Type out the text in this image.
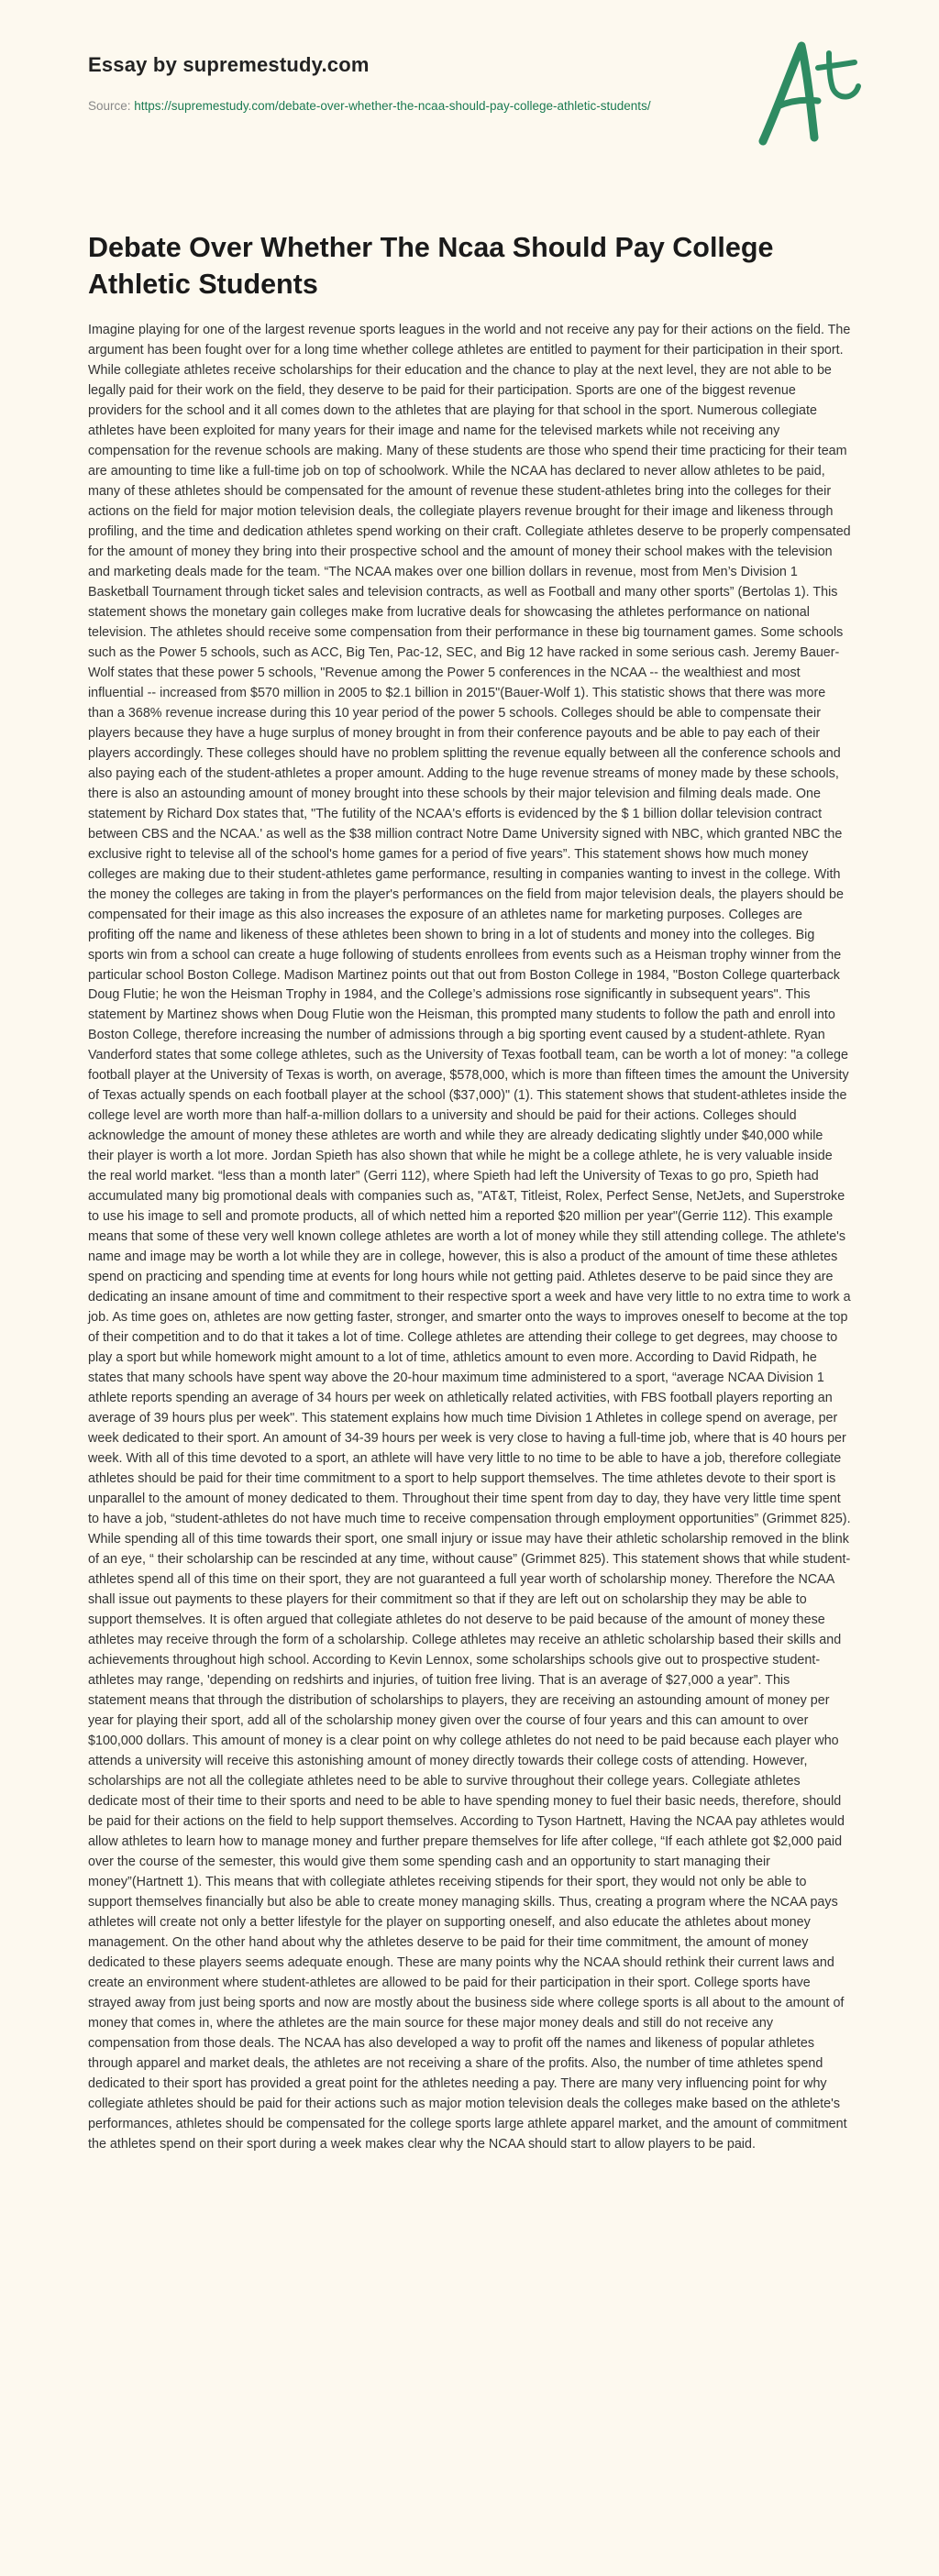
Essay by supremestudy.com
Source: https://supremestudy.com/debate-over-whether-the-ncaa-should-pay-college-athletic-students/
Debate Over Whether The Ncaa Should Pay College Athletic Students

Imagine playing for one of the largest revenue sports leagues in the world and not receive any pay for their actions on the field. The argument has been fought over for a long time whether college athletes are entitled to payment for their participation in their sport. While collegiate athletes receive scholarships for their education and the chance to play at the next level, they are not able to be legally paid for their work on the field, they deserve to be paid for their participation. Sports are one of the biggest revenue providers for the school and it all comes down to the athletes that are playing for that school in the sport. Numerous collegiate athletes have been exploited for many years for their image and name for the televised markets while not receiving any compensation for the revenue schools are making. Many of these students are those who spend their time practicing for their team are amounting to time like a full-time job on top of schoolwork. While the NCAA has declared to never allow athletes to be paid, many of these athletes should be compensated for the amount of revenue these student-athletes bring into the colleges for their actions on the field for major motion television deals, the collegiate players revenue brought for their image and likeness through profiling, and the time and dedication athletes spend working on their craft. Collegiate athletes deserve to be properly compensated for the amount of money they bring into their prospective school and the amount of money their school makes with the television and marketing deals made for the team. “The NCAA makes over one billion dollars in revenue, most from Men’s Division 1 Basketball Tournament through ticket sales and television contracts, as well as Football and many other sports” (Bertolas 1). This statement shows the monetary gain colleges make from lucrative deals for showcasing the athletes performance on national television. The athletes should receive some compensation from their performance in these big tournament games. Some schools such as the Power 5 schools, such as ACC, Big Ten, Pac-12, SEC, and Big 12 have racked in some serious cash. Jeremy Bauer-Wolf states that these power 5 schools, "Revenue among the Power 5 conferences in the NCAA -- the wealthiest and most influential -- increased from $570 million in 2005 to $2.1 billion in 2015"(Bauer-Wolf 1). This statistic shows that there was more than a 368% revenue increase during this 10 year period of the power 5 schools. Colleges should be able to compensate their players because they have a huge surplus of money brought in from their conference payouts and be able to pay each of their players accordingly. These colleges should have no problem splitting the revenue equally between all the conference schools and also paying each of the student-athletes a proper amount. Adding to the huge revenue streams of money made by these schools, there is also an astounding amount of money brought into these schools by their major television and filming deals made. One statement by Richard Dox states that, "The futility of the NCAA's efforts is evidenced by the $ 1 billion dollar television contract between CBS and the NCAA.' as well as the $38 million contract Notre Dame University signed with NBC, which granted NBC the exclusive right to televise all of the school's home games for a period of five years”. This statement shows how much money colleges are making due to their student-athletes game performance, resulting in companies wanting to invest in the college. With the money the colleges are taking in from the player's performances on the field from major television deals, the players should be compensated for their image as this also increases the exposure of an athletes name for marketing purposes. Colleges are profiting off the name and likeness of these athletes been shown to bring in a lot of students and money into the colleges. Big sports win from a school can create a huge following of students enrollees from events such as a Heisman trophy winner from the particular school Boston College. Madison Martinez points out that out from Boston College in 1984, "Boston College quarterback Doug Flutie; he won the Heisman Trophy in 1984, and the College’s admissions rose significantly in subsequent years". This statement by Martinez shows when Doug Flutie won the Heisman, this prompted many students to follow the path and enroll into Boston College, therefore increasing the number of admissions through a big sporting event caused by a student-athlete. Ryan Vanderford states that some college athletes, such as the University of Texas football team, can be worth a lot of money: "a college football player at the University of Texas is worth, on average, $578,000, which is more than fifteen times the amount the University of Texas actually spends on each football player at the school ($37,000)" (1). This statement shows that student-athletes inside the college level are worth more than half-a-million dollars to a university and should be paid for their actions. Colleges should acknowledge the amount of money these athletes are worth and while they are already dedicating slightly under $40,000 while their player is worth a lot more. Jordan Spieth has also shown that while he might be a college athlete, he is very valuable inside the real world market. “less than a month later” (Gerri 112), where Spieth had left the University of Texas to go pro, Spieth had accumulated many big promotional deals with companies such as, "AT&T, Titleist, Rolex, Perfect Sense, NetJets, and Superstroke to use his image to sell and promote products, all of which netted him a reported $20 million per year"(Gerrie 112). This example means that some of these very well known college athletes are worth a lot of money while they still attending college. The athlete's name and image may be worth a lot while they are in college, however, this is also a product of the amount of time these athletes spend on practicing and spending time at events for long hours while not getting paid. Athletes deserve to be paid since they are dedicating an insane amount of time and commitment to their respective sport a week and have very little to no extra time to work a job. As time goes on, athletes are now getting faster, stronger, and smarter onto the ways to improves oneself to become at the top of their competition and to do that it takes a lot of time. College athletes are attending their college to get degrees, may choose to play a sport but while homework might amount to a lot of time, athletics amount to even more. According to David Ridpath, he states that many schools have spent way above the 20-hour maximum time administered to a sport, “average NCAA Division 1 athlete reports spending an average of 34 hours per week on athletically related activities, with FBS football players reporting an average of 39 hours plus per week". This statement explains how much time Division 1 Athletes in college spend on average, per week dedicated to their sport. An amount of 34-39 hours per week is very close to having a full-time job, where that is 40 hours per week. With all of this time devoted to a sport, an athlete will have very little to no time to be able to have a job, therefore collegiate athletes should be paid for their time commitment to a sport to help support themselves. The time athletes devote to their sport is unparallel to the amount of money dedicated to them. Throughout their time spent from day to day, they have very little time spent to have a job, “student-athletes do not have much time to receive compensation through employment opportunities” (Grimmet 825). While spending all of this time towards their sport, one small injury or issue may have their athletic scholarship removed in the blink of an eye, “ their scholarship can be rescinded at any time, without cause” (Grimmet 825). This statement shows that while student-athletes spend all of this time on their sport, they are not guaranteed a full year worth of scholarship money. Therefore the NCAA shall issue out payments to these players for their commitment so that if they are left out on scholarship they may be able to support themselves. It is often argued that collegiate athletes do not deserve to be paid because of the amount of money these athletes may receive through the form of a scholarship. College athletes may receive an athletic scholarship based their skills and achievements throughout high school. According to Kevin Lennox, some scholarships schools give out to prospective student-athletes may range, 'depending on redshirts and injuries, of tuition free living. That is an average of $27,000 a year”. This statement means that through the distribution of scholarships to players, they are receiving an astounding amount of money per year for playing their sport, add all of the scholarship money given over the course of four years and this can amount to over $100,000 dollars. This amount of money is a clear point on why college athletes do not need to be paid because each player who attends a university will receive this astonishing amount of money directly towards their college costs of attending. However, scholarships are not all the collegiate athletes need to be able to survive throughout their college years. Collegiate athletes dedicate most of their time to their sports and need to be able to have spending money to fuel their basic needs, therefore, should be paid for their actions on the field to help support themselves. According to Tyson Hartnett, Having the NCAA pay athletes would allow athletes to learn how to manage money and further prepare themselves for life after college, “If each athlete got $2,000 paid over the course of the semester, this would give them some spending cash and an opportunity to start managing their money”(Hartnett 1). This means that with collegiate athletes receiving stipends for their sport, they would not only be able to support themselves financially but also be able to create money managing skills. Thus, creating a program where the NCAA pays athletes will create not only a better lifestyle for the player on supporting oneself, and also educate the athletes about money management. On the other hand about why the athletes deserve to be paid for their time commitment, the amount of money dedicated to these players seems adequate enough. These are many points why the NCAA should rethink their current laws and create an environment where student-athletes are allowed to be paid for their participation in their sport. College sports have strayed away from just being sports and now are mostly about the business side where college sports is all about to the amount of money that comes in, where the athletes are the main source for these major money deals and still do not receive any compensation from those deals. The NCAA has also developed a way to profit off the names and likeness of popular athletes through apparel and market deals, the athletes are not receiving a share of the profits. Also, the number of time athletes spend dedicated to their sport has provided a great point for the athletes needing a pay. There are many very influencing point for why collegiate athletes should be paid for their actions such as major motion television deals the colleges make based on the athlete's performances, athletes should be compensated for the college sports large athlete apparel market, and the amount of commitment the athletes spend on their sport during a week makes clear why the NCAA should start to allow players to be paid.
